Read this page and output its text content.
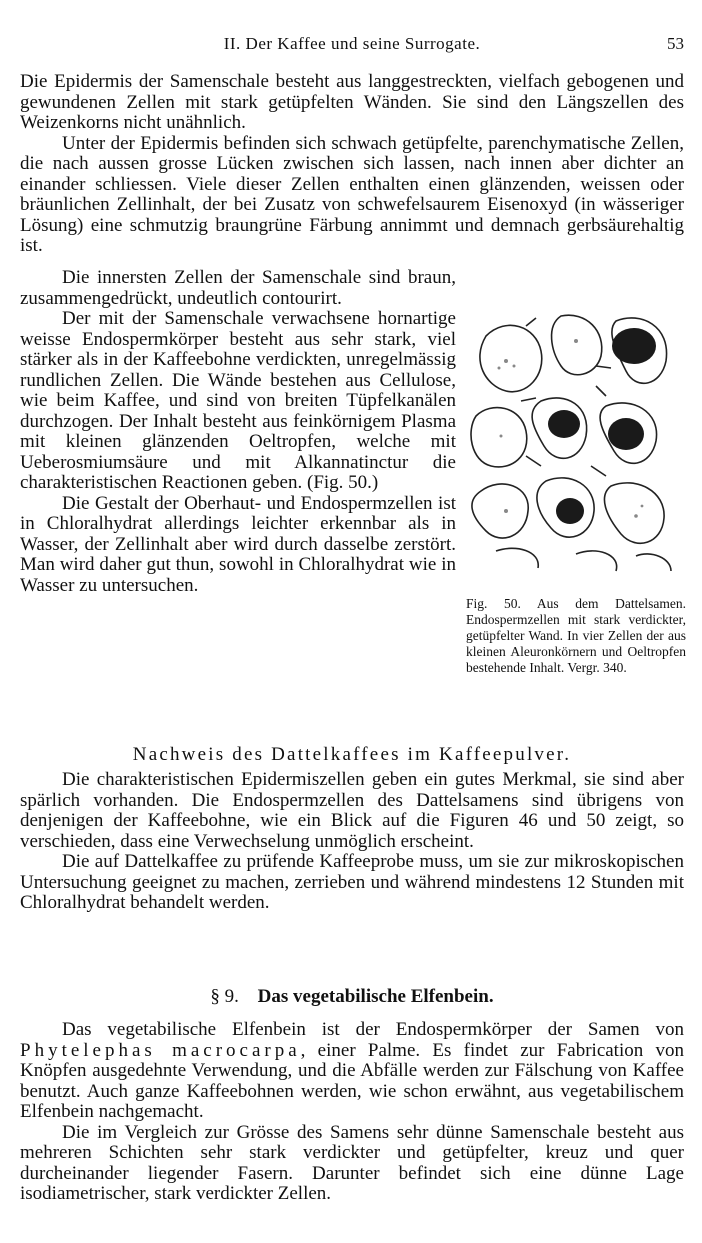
II. Der Kaffee und seine Surrogate.	53

Die Epidermis der Samenschale besteht aus langgestreckten, vielfach gebogenen und gewundenen Zellen mit stark getüpfelten Wänden. Sie sind den Längszellen des Weizenkorns nicht unähnlich.

Unter der Epidermis befinden sich schwach getüpfelte, parenchymatische Zellen, die nach aussen grosse Lücken zwischen sich lassen, nach innen aber dichter an einander schliessen. Viele dieser Zellen enthalten einen glänzenden, weissen oder bräunlichen Zellinhalt, der bei Zusatz von schwefelsaurem Eisenoxyd (in wässeriger Lösung) eine schmutzig braungrüne Färbung annimmt und demnach gerbsäurehaltig ist.

Die innersten Zellen der Samenschale sind braun, zusammengedrückt, undeutlich contourirt.

Der mit der Samenschale verwachsene hornartige weisse Endospermkörper besteht aus sehr stark, viel stärker als in der Kaffeebohne verdickten, unregelmässig rundlichen Zellen. Die Wände bestehen aus Cellulose, wie beim Kaffee, und sind von breiten Tüpfelkanälen durchzogen. Der Inhalt besteht aus feinkörnigem Plasma mit kleinen glänzenden Oeltropfen, welche mit Ueberosmiumsäure und mit Alkannatinctur die charakteristischen Reactionen geben. (Fig. 50.)

Die Gestalt der Oberhaut- und Endospermzellen ist in Chloralhydrat allerdings leichter erkennbar als in Wasser, der Zellinhalt aber wird durch dasselbe zerstört. Man wird daher gut thun, sowohl in Chloralhydrat wie in Wasser zu untersuchen.

Fig. 50. Aus dem Dattelsamen. Endospermzellen mit stark verdickter, getüpfelter Wand. In vier Zellen der aus kleinen Aleuronkörnern und Oeltropfen bestehende Inhalt. Vergr. 340.

Nachweis des Dattelkaffees im Kaffeepulver.

Die charakteristischen Epidermiszellen geben ein gutes Merkmal, sie sind aber spärlich vorhanden. Die Endospermzellen des Dattelsamens sind übrigens von denjenigen der Kaffeebohne, wie ein Blick auf die Figuren 46 und 50 zeigt, so verschieden, dass eine Verwechselung unmöglich erscheint.

Die auf Dattelkaffee zu prüfende Kaffeeprobe muss, um sie zur mikroskopischen Untersuchung geeignet zu machen, zerrieben und während mindestens 12 Stunden mit Chloralhydrat behandelt werden.

§ 9. Das vegetabilische Elfenbein.

Das vegetabilische Elfenbein ist der Endospermkörper der Samen von Phytelephas macrocarpa, einer Palme. Es findet zur Fabrication von Knöpfen ausgedehnte Verwendung, und die Abfälle werden zur Fälschung von Kaffee benutzt. Auch ganze Kaffeebohnen werden, wie schon erwähnt, aus vegetabilischem Elfenbein nachgemacht.

Die im Vergleich zur Grösse des Samens sehr dünne Samenschale besteht aus mehreren Schichten sehr stark verdickter und getüpfelter, kreuz und quer durcheinander liegender Fasern. Darunter befindet sich eine dünne Lage isodiametrischer, stark verdickter Zellen.
